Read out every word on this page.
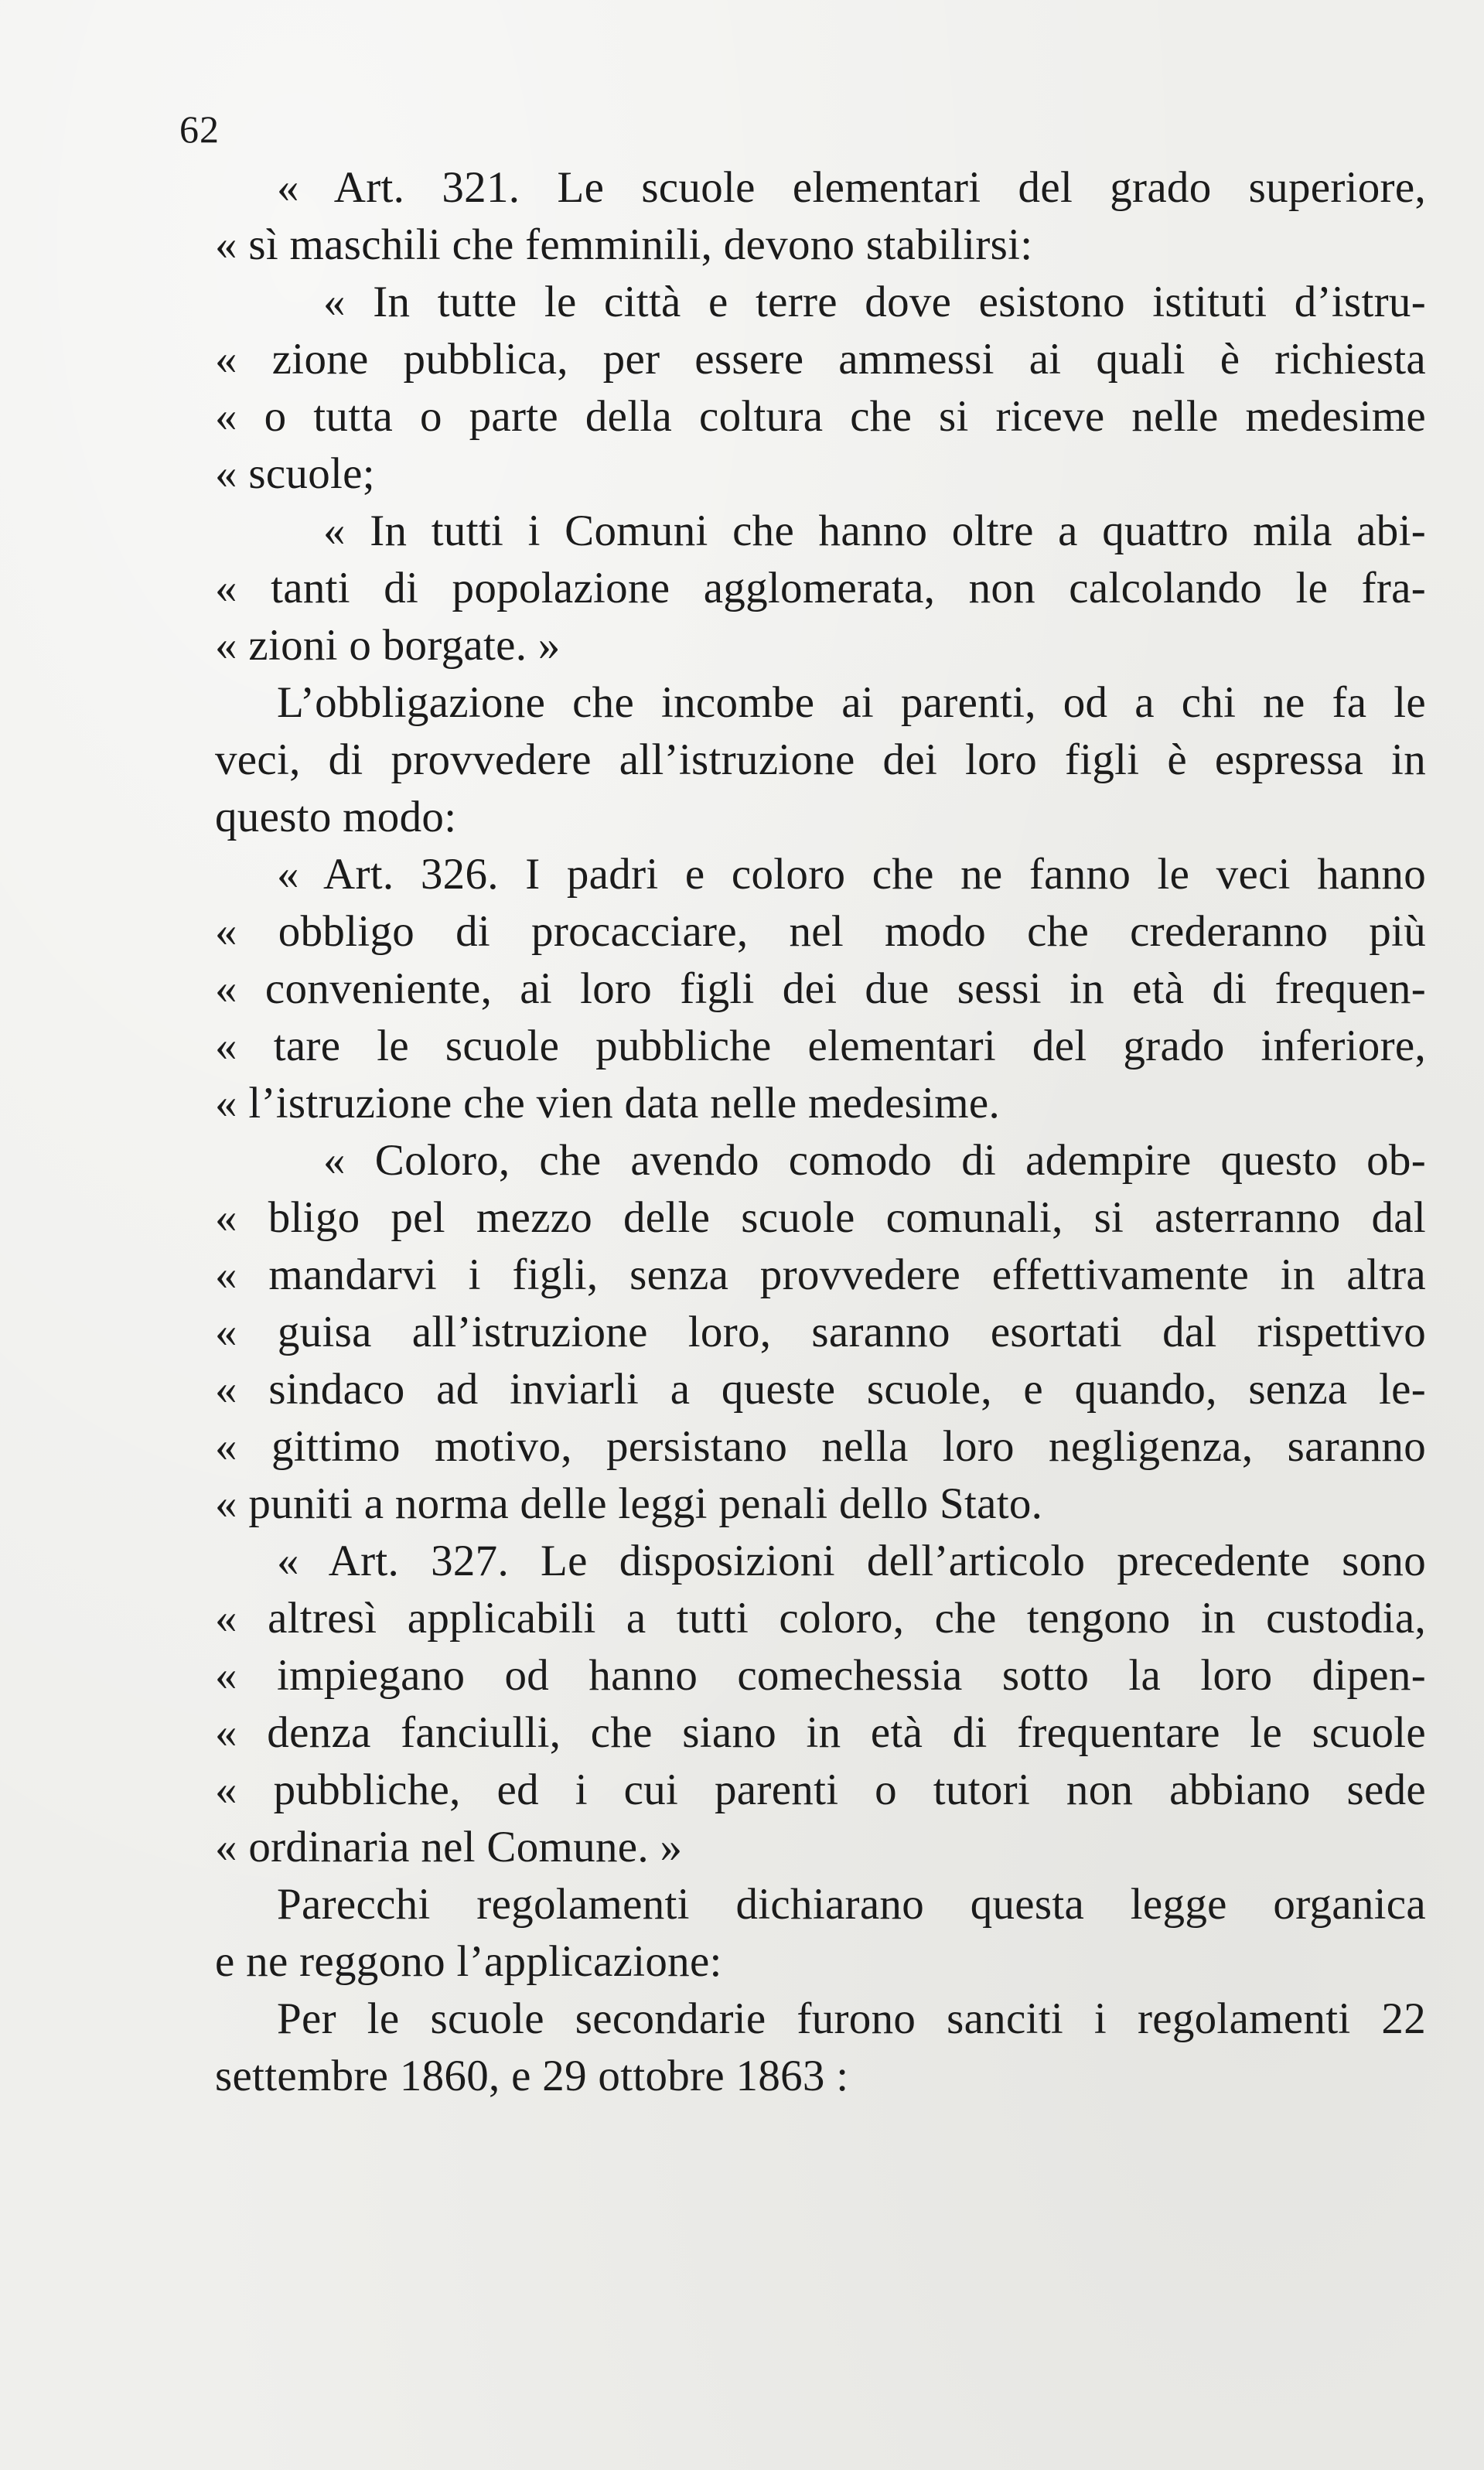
62
« Art. 321. Le scuole elementari del grado superiore,
« sì maschili che femminili, devono stabilirsi:
« In tutte le città e terre dove esistono istituti d’istru-
« zione pubblica, per essere ammessi ai quali è richiesta
« o tutta o parte della coltura che si riceve nelle medesime
« scuole;
« In tutti i Comuni che hanno oltre a quattro mila abi-
« tanti di popolazione agglomerata, non calcolando le fra-
« zioni o borgate. »
L’obbligazione che incombe ai parenti, od a chi ne fa le
veci, di provvedere all’istruzione dei loro figli è espressa in
questo modo:
« Art. 326. I padri e coloro che ne fanno le veci hanno
« obbligo di procacciare, nel modo che crederanno più
« conveniente, ai loro figli dei due sessi in età di frequen-
« tare le scuole pubbliche elementari del grado inferiore,
« l’istruzione che vien data nelle medesime.
« Coloro, che avendo comodo di adempire questo ob-
« bligo pel mezzo delle scuole comunali, si asterranno dal
« mandarvi i figli, senza provvedere effettivamente in altra
« guisa all’istruzione loro, saranno esortati dal rispettivo
« sindaco ad inviarli a queste scuole, e quando, senza le-
« gittimo motivo, persistano nella loro negligenza, saranno
« puniti a norma delle leggi penali dello Stato.
« Art. 327. Le disposizioni dell’articolo precedente sono
« altresì applicabili a tutti coloro, che tengono in custodia,
« impiegano od hanno comechessia sotto la loro dipen-
« denza fanciulli, che siano in età di frequentare le scuole
« pubbliche, ed i cui parenti o tutori non abbiano sede
« ordinaria nel Comune. »
Parecchi regolamenti dichiarano questa legge organica
e ne reggono l’applicazione:
Per le scuole secondarie furono sanciti i regolamenti 22
settembre 1860, e 29 ottobre 1863 :
